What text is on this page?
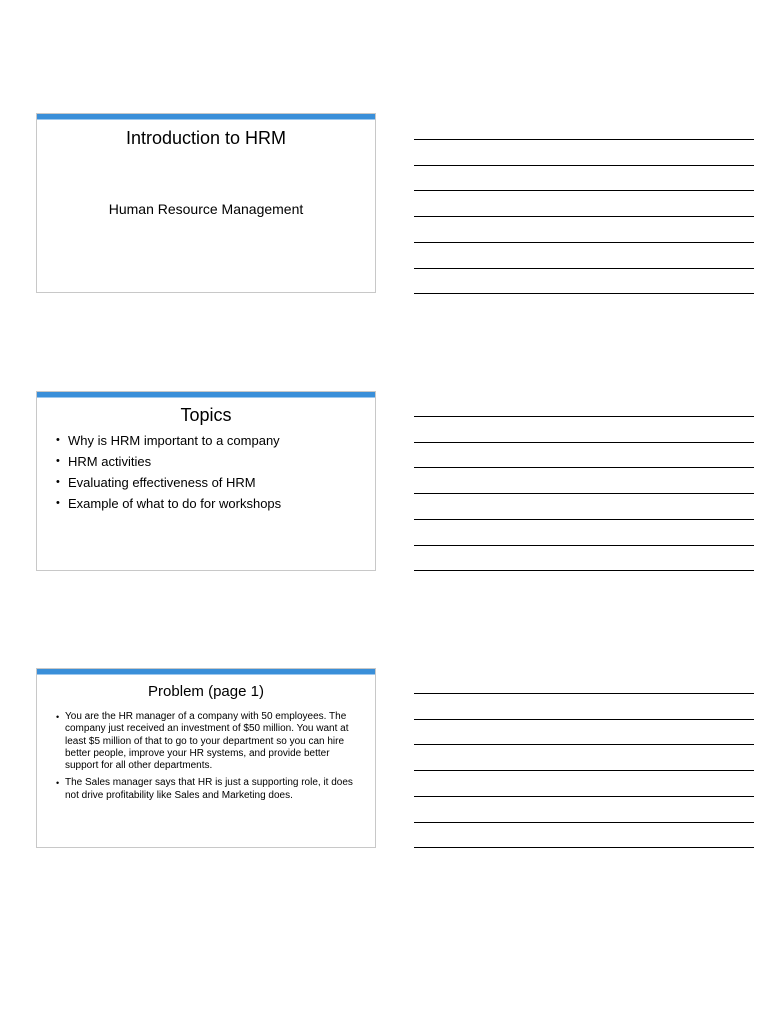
Introduction to HRM
Human Resource Management
Topics
• Why is HRM important to a company
• HRM activities
• Evaluating effectiveness of HRM
• Example of what to do for workshops
Problem (page 1)
• You are the HR manager of a company with 50 employees. The company just received an investment of $50 million. You want at least $5 million of that to go to your department so you can hire better people, improve your HR systems, and provide better support for all other departments.
• The Sales manager says that HR is just a supporting role, it does not drive profitability like Sales and Marketing does.
